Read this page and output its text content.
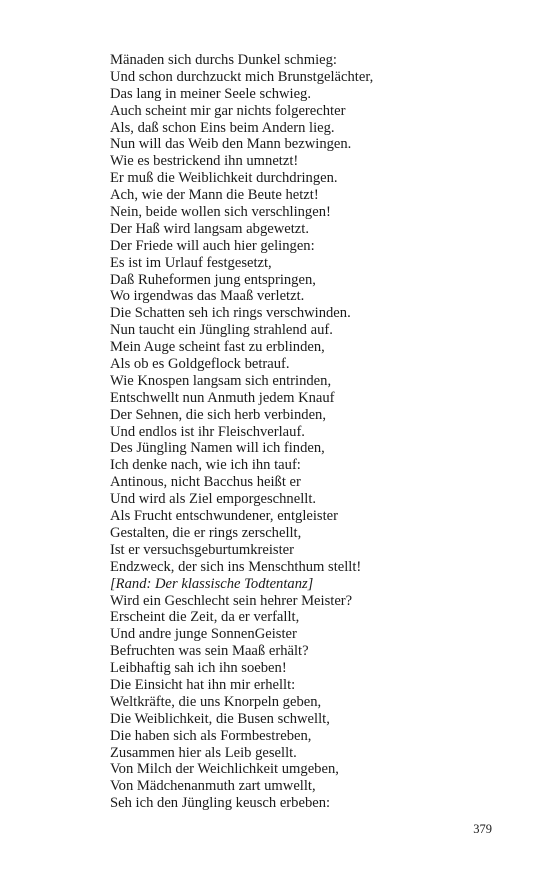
Mänaden sich durchs Dunkel schmieg:
Und schon durchzuckt mich Brunstgelächter,
Das lang in meiner Seele schwieg.
Auch scheint mir gar nichts folgerechter
Als, daß schon Eins beim Andern lieg.
Nun will das Weib den Mann bezwingen.
Wie es bestrickend ihn umnetzt!
Er muß die Weiblichkeit durchdringen.
Ach, wie der Mann die Beute hetzt!
Nein, beide wollen sich verschlingen!
Der Haß wird langsam abgewetzt.
Der Friede will auch hier gelingen:
Es ist im Urlauf festgesetzt,
Daß Ruheformen jung entspringen,
Wo irgendwas das Maaß verletzt.
Die Schatten seh ich rings verschwinden.
Nun taucht ein Jüngling strahlend auf.
Mein Auge scheint fast zu erblinden,
Als ob es Goldgeflock betrauf.
Wie Knospen langsam sich entrinden,
Entschwellt nun Anmuth jedem Knauf
Der Sehnen, die sich herb verbinden,
Und endlos ist ihr Fleischverlauf.
Des Jüngling Namen will ich finden,
Ich denke nach, wie ich ihn tauf:
Antinous, nicht Bacchus heißt er
Und wird als Ziel emporgeschnellt.
Als Frucht entschwundener, entgleister
Gestalten, die er rings zerschellt,
Ist er versuchsgeburtumkreister
Endzweck, der sich ins Menschthum stellt!
[Rand: Der klassische Todtentanz]
Wird ein Geschlecht sein hehrer Meister?
Erscheint die Zeit, da er verfallt,
Und andre junge SonnenGeister
Befruchten was sein Maaß erhält?
Leibhaftig sah ich ihn soeben!
Die Einsicht hat ihn mir erhellt:
Weltkräfte, die uns Knorpeln geben,
Die Weiblichkeit, die Busen schwellt,
Die haben sich als Formbestreben,
Zusammen hier als Leib gesellt.
Von Milch der Weichlichkeit umgeben,
Von Mädchenanmuth zart umwellt,
Seh ich den Jüngling keusch erbeben:
379
